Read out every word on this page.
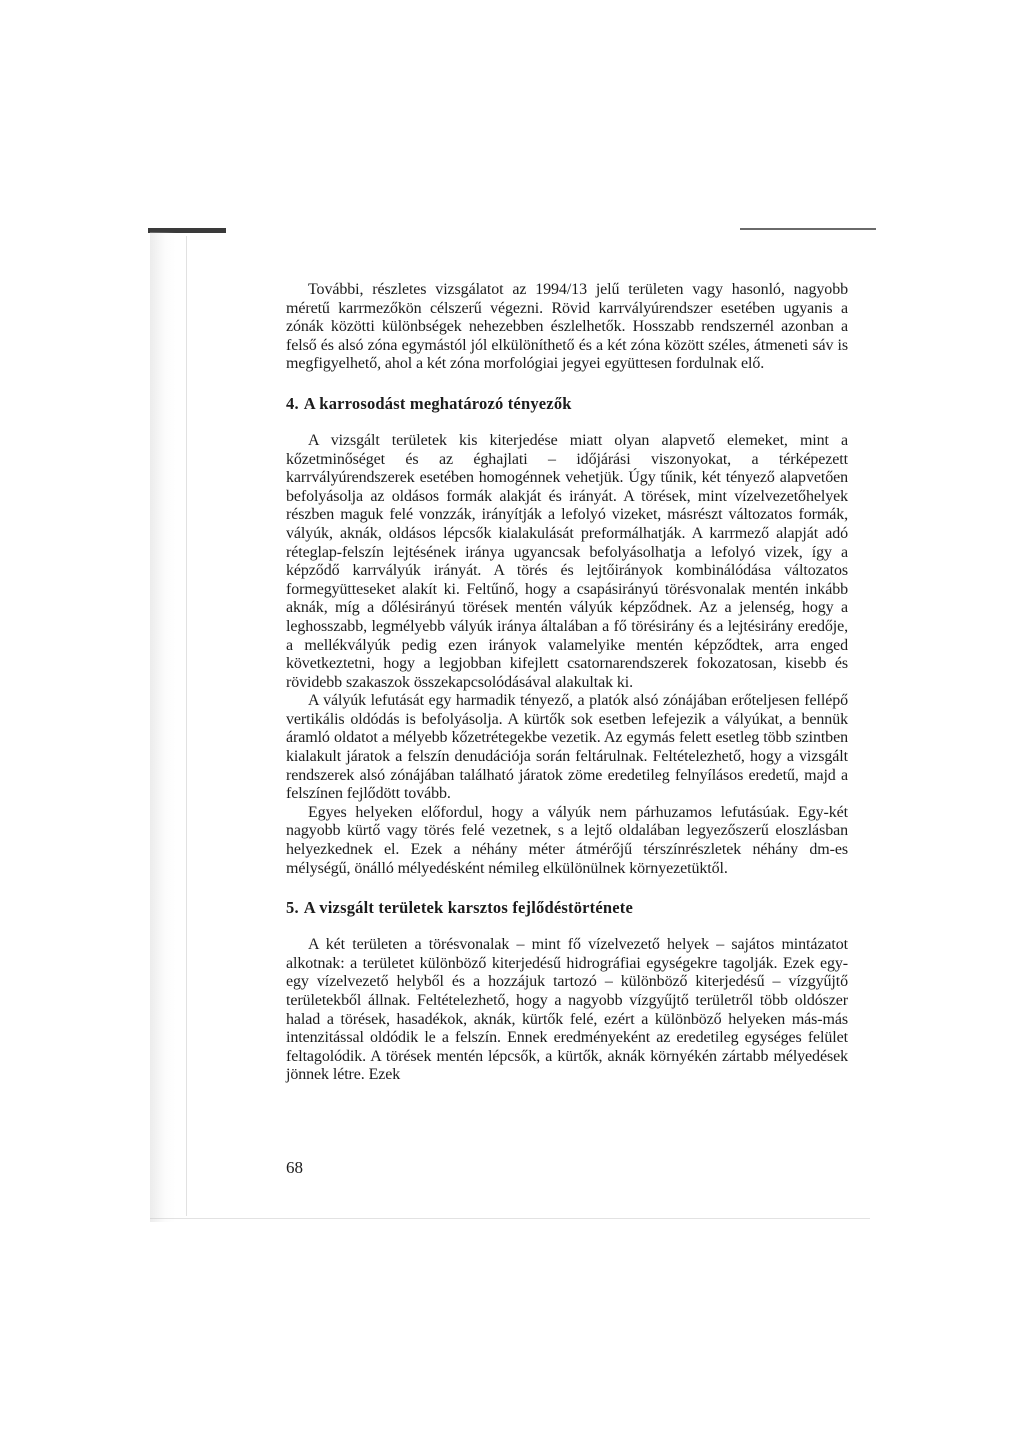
További, részletes vizsgálatot az 1994/13 jelű területen vagy hasonló, nagyobb méretű karrmezőkön célszerű végezni. Rövid karrvályúrendszer esetében ugyanis a zónák közötti különbségek nehezebben észlelhetők. Hosszabb rendszernél azonban a felső és alsó zóna egymástól jól elkülöníthető és a két zóna között széles, átmeneti sáv is megfigyelhető, ahol a két zóna morfológiai jegyei együttesen fordulnak elő.

4. A karrosodást meghatározó tényezők

A vizsgált területek kis kiterjedése miatt olyan alapvető elemeket, mint a kőzetminőséget és az éghajlati – időjárási viszonyokat, a térképezett karrvályúrendszerek esetében homogénnek vehetjük. Úgy tűnik, két tényező alapvetően befolyásolja az oldásos formák alakját és irányát. A törések, mint vízelvezetőhelyek részben maguk felé vonzzák, irányítják a lefolyó vizeket, másrészt változatos formák, vályúk, aknák, oldásos lépcsők kialakulását preformálhatják. A karrmező alapját adó réteglap-felszín lejtésének iránya ugyancsak befolyásolhatja a lefolyó vizek, így a képződő karrvályúk irányát. A törés és lejtőirányok kombinálódása változatos formegyütteseket alakít ki. Feltűnő, hogy a csapásirányú törésvonalak mentén inkább aknák, míg a dőlésirányú törések mentén vályúk képződnek. Az a jelenség, hogy a leghosszabb, legmélyebb vályúk iránya általában a fő törésirány és a lejtésirány eredője, a mellékvályúk pedig ezen irányok valamelyike mentén képződtek, arra enged következtetni, hogy a legjobban kifejlett csatornarendszerek fokozatosan, kisebb és rövidebb szakaszok összekapcsolódásával alakultak ki.

A vályúk lefutását egy harmadik tényező, a platók alsó zónájában erőteljesen fellépő vertikális oldódás is befolyásolja. A kürtők sok esetben lefejezik a vályúkat, a bennük áramló oldatot a mélyebb kőzetrétegekbe vezetik. Az egymás felett esetleg több szintben kialakult járatok a felszín denudációja során feltárulnak. Feltételezhető, hogy a vizsgált rendszerek alsó zónájában található járatok zöme eredetileg felnyílásos eredetű, majd a felszínen fejlődött tovább.

Egyes helyeken előfordul, hogy a vályúk nem párhuzamos lefutásúak. Egy-két nagyobb kürtő vagy törés felé vezetnek, s a lejtő oldalában legyezőszerű eloszlásban helyezkednek el. Ezek a néhány méter átmérőjű térszínrészletek néhány dm-es mélységű, önálló mélyedésként némileg elkülönülnek környezetüktől.

5. A vizsgált területek karsztos fejlődéstörténete

A két területen a törésvonalak – mint fő vízelvezető helyek – sajátos mintázatot alkotnak: a területet különböző kiterjedésű hidrográfiai egységekre tagolják. Ezek egy-egy vízelvezető helyből és a hozzájuk tartozó – különböző kiterjedésű – vízgyűjtő területekből állnak. Feltételezhető, hogy a nagyobb vízgyűjtő területről több oldószer halad a törések, hasadékok, aknák, kürtők felé, ezért a különböző helyeken más-más intenzitással oldódik le a felszín. Ennek eredményeként az eredetileg egységes felület feltagolódik. A törések mentén lépcsők, a kürtők, aknák környékén zártabb mélyedések jönnek létre. Ezek

68
